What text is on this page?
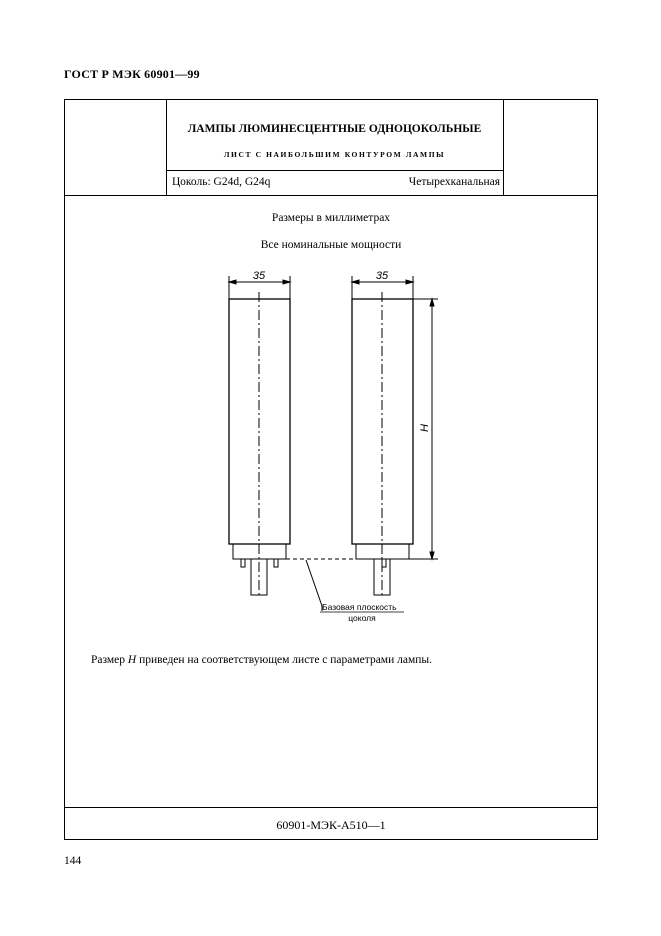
ГОСТ Р МЭК 60901—99
ЛАМПЫ ЛЮМИНЕСЦЕНТНЫЕ ОДНОЦОКОЛЬНЫЕ
ЛИСТ С НАИБОЛЬШИМ КОНТУРОМ ЛАМПЫ
Цоколь: G24d, G24q	Четырехканальная
Размеры в миллиметрах
Все номинальные мощности
35	35
H
Базовая плоскость
цоколя
Размер H приведен на соответствующем листе с параметрами лампы.
60901-МЭК-А510—1
144
